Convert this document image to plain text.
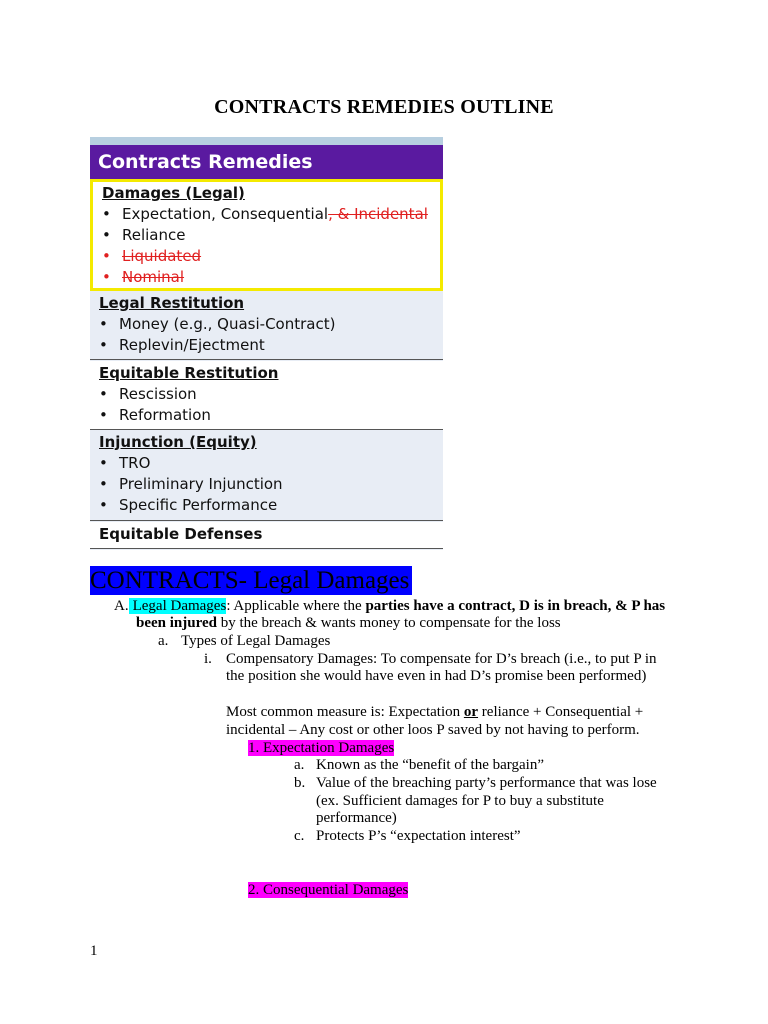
CONTRACTS REMEDIES OUTLINE
Contracts Remedies
Damages (Legal)
• Expectation, Consequential, & Incidental
• Reliance
• Liquidated
• Nominal
Legal Restitution
• Money (e.g., Quasi-Contract)
• Replevin/Ejectment
Equitable Restitution
• Rescission
• Reformation
Injunction (Equity)
• TRO
• Preliminary Injunction
• Specific Performance
Equitable Defenses
CONTRACTS- Legal Damages
A. Legal Damages: Applicable where the parties have a contract, D is in breach, & P has
been injured by the breach & wants money to compensate for the loss
a. Types of Legal Damages
i. Compensatory Damages: To compensate for D’s breach (i.e., to put P in
the position she would have even in had D’s promise been performed)
Most common measure is: Expectation or reliance + Consequential +
incidental – Any cost or other loos P saved by not having to perform.
1. Expectation Damages
a. Known as the “benefit of the bargain”
b. Value of the breaching party’s performance that was lose
(ex. Sufficient damages for P to buy a substitute
performance)
c. Protects P’s “expectation interest”
2. Consequential Damages
1
